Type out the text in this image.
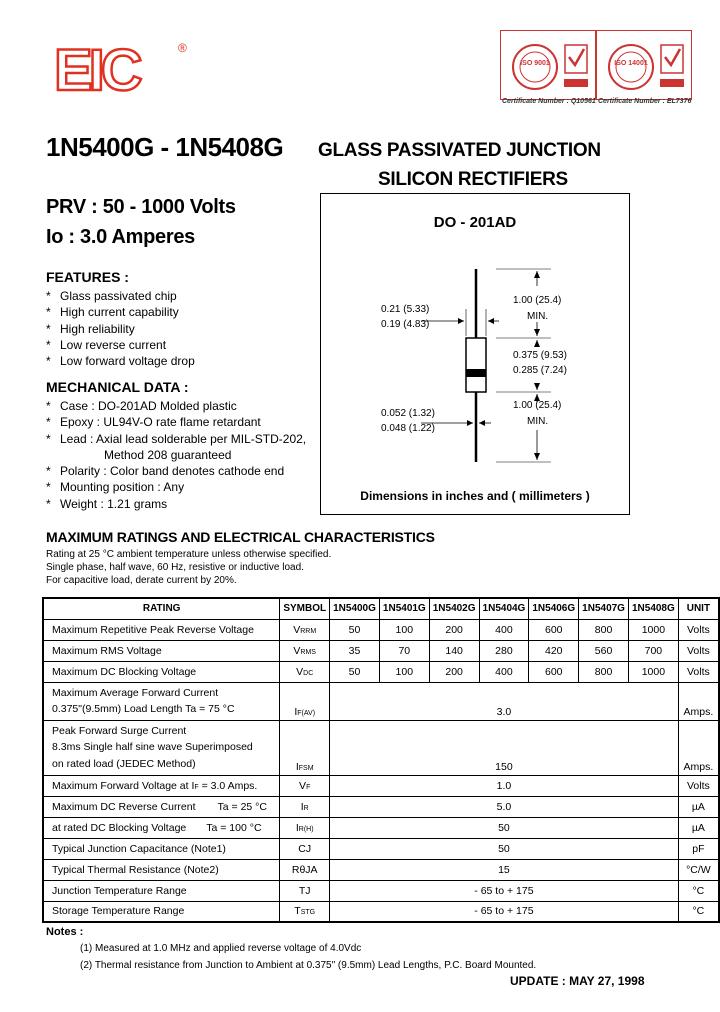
EIC	®
ISO 9001	ISO 14001
Certificate Number : Q10561 Certificate Number : EL7376
1N5400G - 1N5408G GLASS PASSIVATED JUNCTION
SILICON RECTIFIERS
PRV : 50 - 1000 Volts
Io : 3.0 Amperes
FEATURES :
* Glass passivated chip
* High current capability
* High reliability
* Low reverse current
* Low forward voltage drop
MECHANICAL DATA :
* Case : DO-201AD Molded plastic
* Epoxy : UL94V-O rate flame retardant
* Lead : Axial lead solderable per MIL-STD-202,
Method 208 guaranteed
* Polarity : Color band denotes cathode end
* Mounting position : Any
* Weight : 1.21 grams
DO - 201AD
1.00 (25.4)
MIN.
0.21 (5.33)
0.19 (4.83)
0.375 (9.53)
0.285 (7.24)
0.052 (1.32)
0.048 (1.22)
1.00 (25.4)
MIN.
Dimensions in inches and ( millimeters )
MAXIMUM RATINGS AND ELECTRICAL CHARACTERISTICS
Rating at 25 °C ambient temperature unless otherwise specified.
Single phase, half wave, 60 Hz, resistive or inductive load.
For capacitive load, derate current by 20%.
RATING	SYMBOL	1N5400G	1N5401G	1N5402G	1N5404G	1N5406G	1N5407G	1N5408G	UNIT
Maximum Repetitive Peak Reverse Voltage	VRRM	50	100	200	400	600	800	1000	Volts
Maximum RMS Voltage	VRMS	35	70	140	280	420	560	700	Volts
Maximum DC Blocking Voltage	VDC	50	100	200	400	600	800	1000	Volts

Maximum Average Forward Current
0.375"(9.5mm) Load Length Ta = 75 °C	IF(AV)	3.0							Amps.

Peak Forward Surge Current
8.3ms Single half sine wave Superimposed
on rated load (JEDEC Method)	IFSM	150							Amps.
Maximum Forward Voltage at IF = 3.0 Amps.	VF	1.0							Volts
Maximum DC Reverse Current Ta = 25 °C	IR	5.0							µA
at rated DC Blocking Voltage Ta = 100 °C	IR(H)	50							µA
Typical Junction Capacitance (Note1)	CJ	50							pF
Typical Thermal Resistance (Note2)	RθJA	15							°C/W
Junction Temperature Range	TJ	- 65 to + 175							°C
Storage Temperature Range	TSTG	- 65 to + 175							°C
Notes :
(1) Measured at 1.0 MHz and applied reverse voltage of 4.0Vdc
(2) Thermal resistance from Junction to Ambient at 0.375" (9.5mm) Lead Lengths, P.C. Board Mounted.
UPDATE : MAY 27, 1998
